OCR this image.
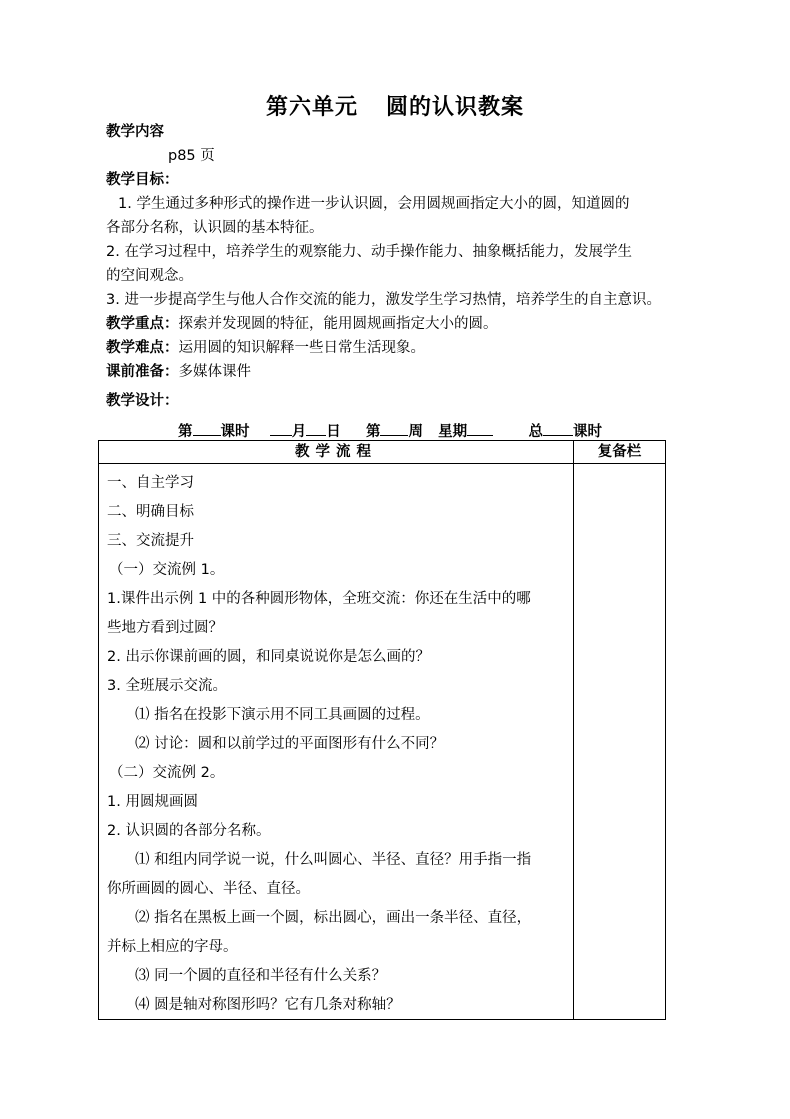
第六单元 圆的认识教案
教学内容
p85 页
教学目标：
1. 学生通过多种形式的操作进一步认识圆，会用圆规画指定大小的圆，知道圆的
各部分名称，认识圆的基本特征。
2. 在学习过程中，培养学生的观察能力、动手操作能力、抽象概括能力，发展学生
的空间观念。
3. 进一步提高学生与他人合作交流的能力，激发学生学习热情，培养学生的自主意识。
教学重点：探索并发现圆的特征，能用圆规画指定大小的圆。
教学难点：运用圆的知识解释一些日常生活现象。
课前准备：多媒体课件
教学设计：
第 课时	月 日 第 周 星期	总 课时
教学流程	复备栏
一、自主学习
二、明确目标
三、交流提升
（一）交流例 1。
1.课件出示例 1 中的各种圆形物体，全班交流：你还在生活中的哪
些地方看到过圆？
2. 出示你课前画的圆，和同桌说说你是怎么画的？
3. 全班展示交流。
⑴ 指名在投影下演示用不同工具画圆的过程。
⑵ 讨论：圆和以前学过的平面图形有什么不同？
（二）交流例 2。
1. 用圆规画圆
2. 认识圆的各部分名称。
⑴ 和组内同学说一说，什么叫圆心、半径、直径？用手指一指
你所画圆的圆心、半径、直径。
⑵ 指名在黑板上画一个圆，标出圆心，画出一条半径、直径，
并标上相应的字母。
⑶ 同一个圆的直径和半径有什么关系？
⑷ 圆是轴对称图形吗？它有几条对称轴？
